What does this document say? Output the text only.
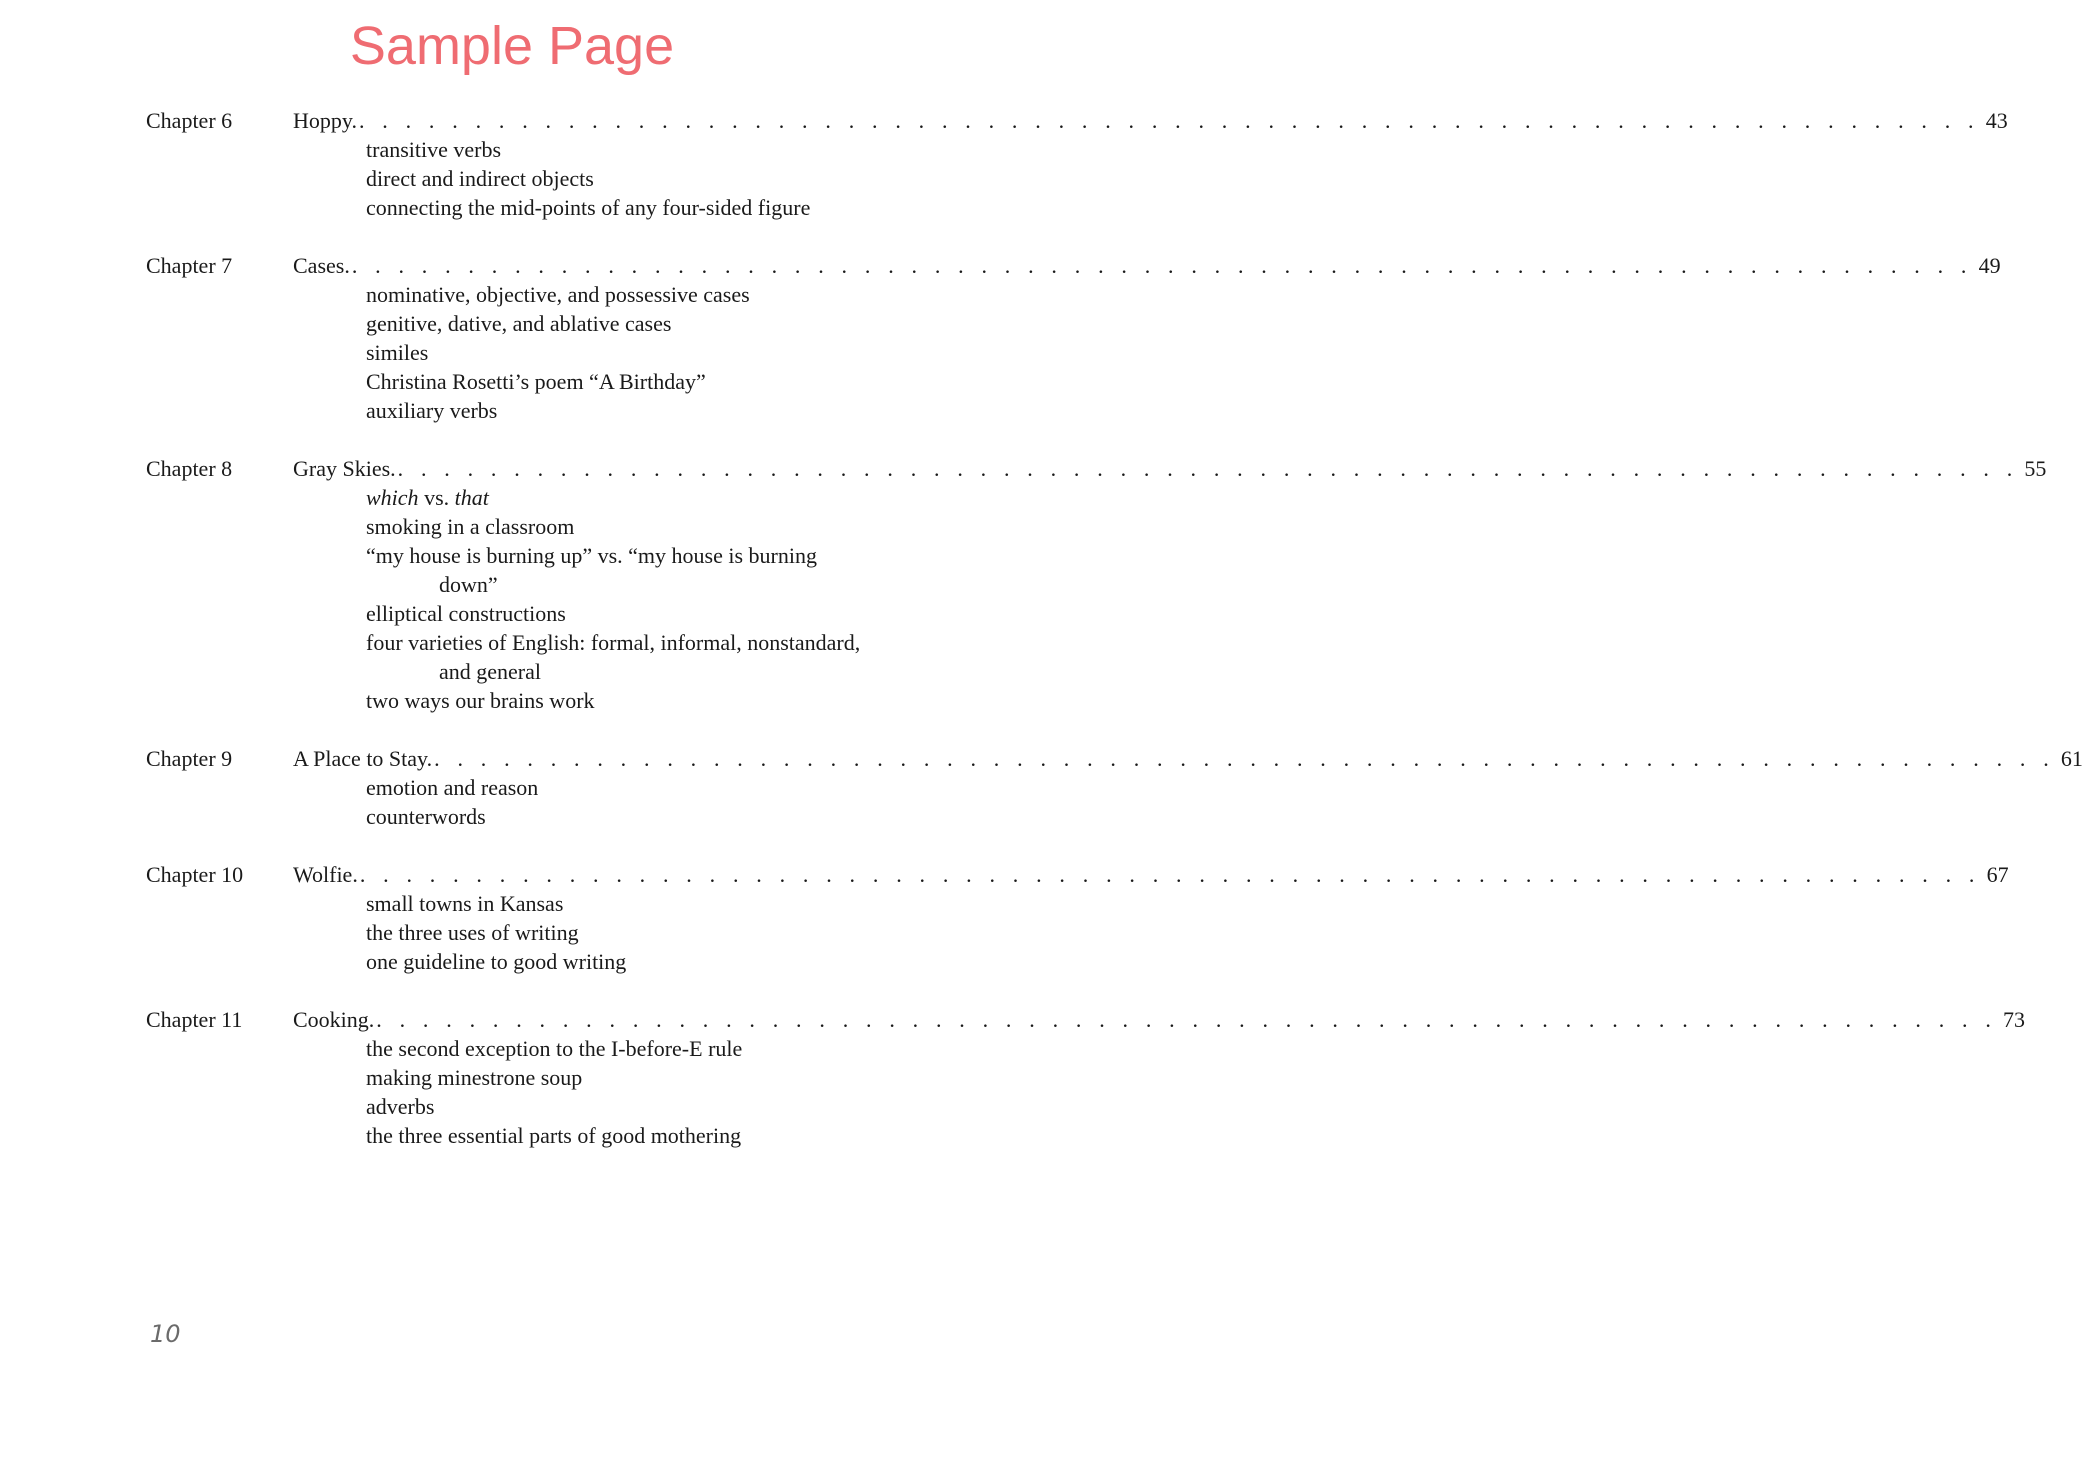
Sample Page
Chapter 6	Hoppy. . . . . . . . . . . . . . . . . . . . . . . . . . . . . . . . . . . . . . . . . . . . . . . . . . . . . . . . . . . . . . . . . . . . . . . 43
transitive verbs
direct and indirect objects
connecting the mid-points of any four-sided figure
Chapter 7	Cases. . . . . . . . . . . . . . . . . . . . . . . . . . . . . . . . . . . . . . . . . . . . . . . . . . . . . . . . . . . . . . . . . . . . . . . 49
nominative, objective, and possessive cases
genitive, dative, and ablative cases
similes
Christina Rosetti’s poem “A Birthday”
auxiliary verbs
Chapter 8	Gray Skies. . . . . . . . . . . . . . . . . . . . . . . . . . . . . . . . . . . . . . . . . . . . . . . . . . . . . . . . . . . . . . . . . . . . . . . 55
which vs. that
smoking in a classroom
“my house is burning up” vs. “my house is burning down”
elliptical constructions
four varieties of English: formal, informal, nonstandard, and general
two ways our brains work
Chapter 9	A Place to Stay. . . . . . . . . . . . . . . . . . . . . . . . . . . . . . . . . . . . . . . . . . . . . . . . . . . . . . . . . . . . . . . . . . . . . . . 61
emotion and reason
counterwords
Chapter 10	Wolfie. . . . . . . . . . . . . . . . . . . . . . . . . . . . . . . . . . . . . . . . . . . . . . . . . . . . . . . . . . . . . . . . . . . . . . . 67
small towns in Kansas
the three uses of writing
one guideline to good writing
Chapter 11	Cooking. . . . . . . . . . . . . . . . . . . . . . . . . . . . . . . . . . . . . . . . . . . . . . . . . . . . . . . . . . . . . . . . . . . . . . . 73
the second exception to the I-before-E rule
making minestrone soup
adverbs
the three essential parts of good mothering
10
